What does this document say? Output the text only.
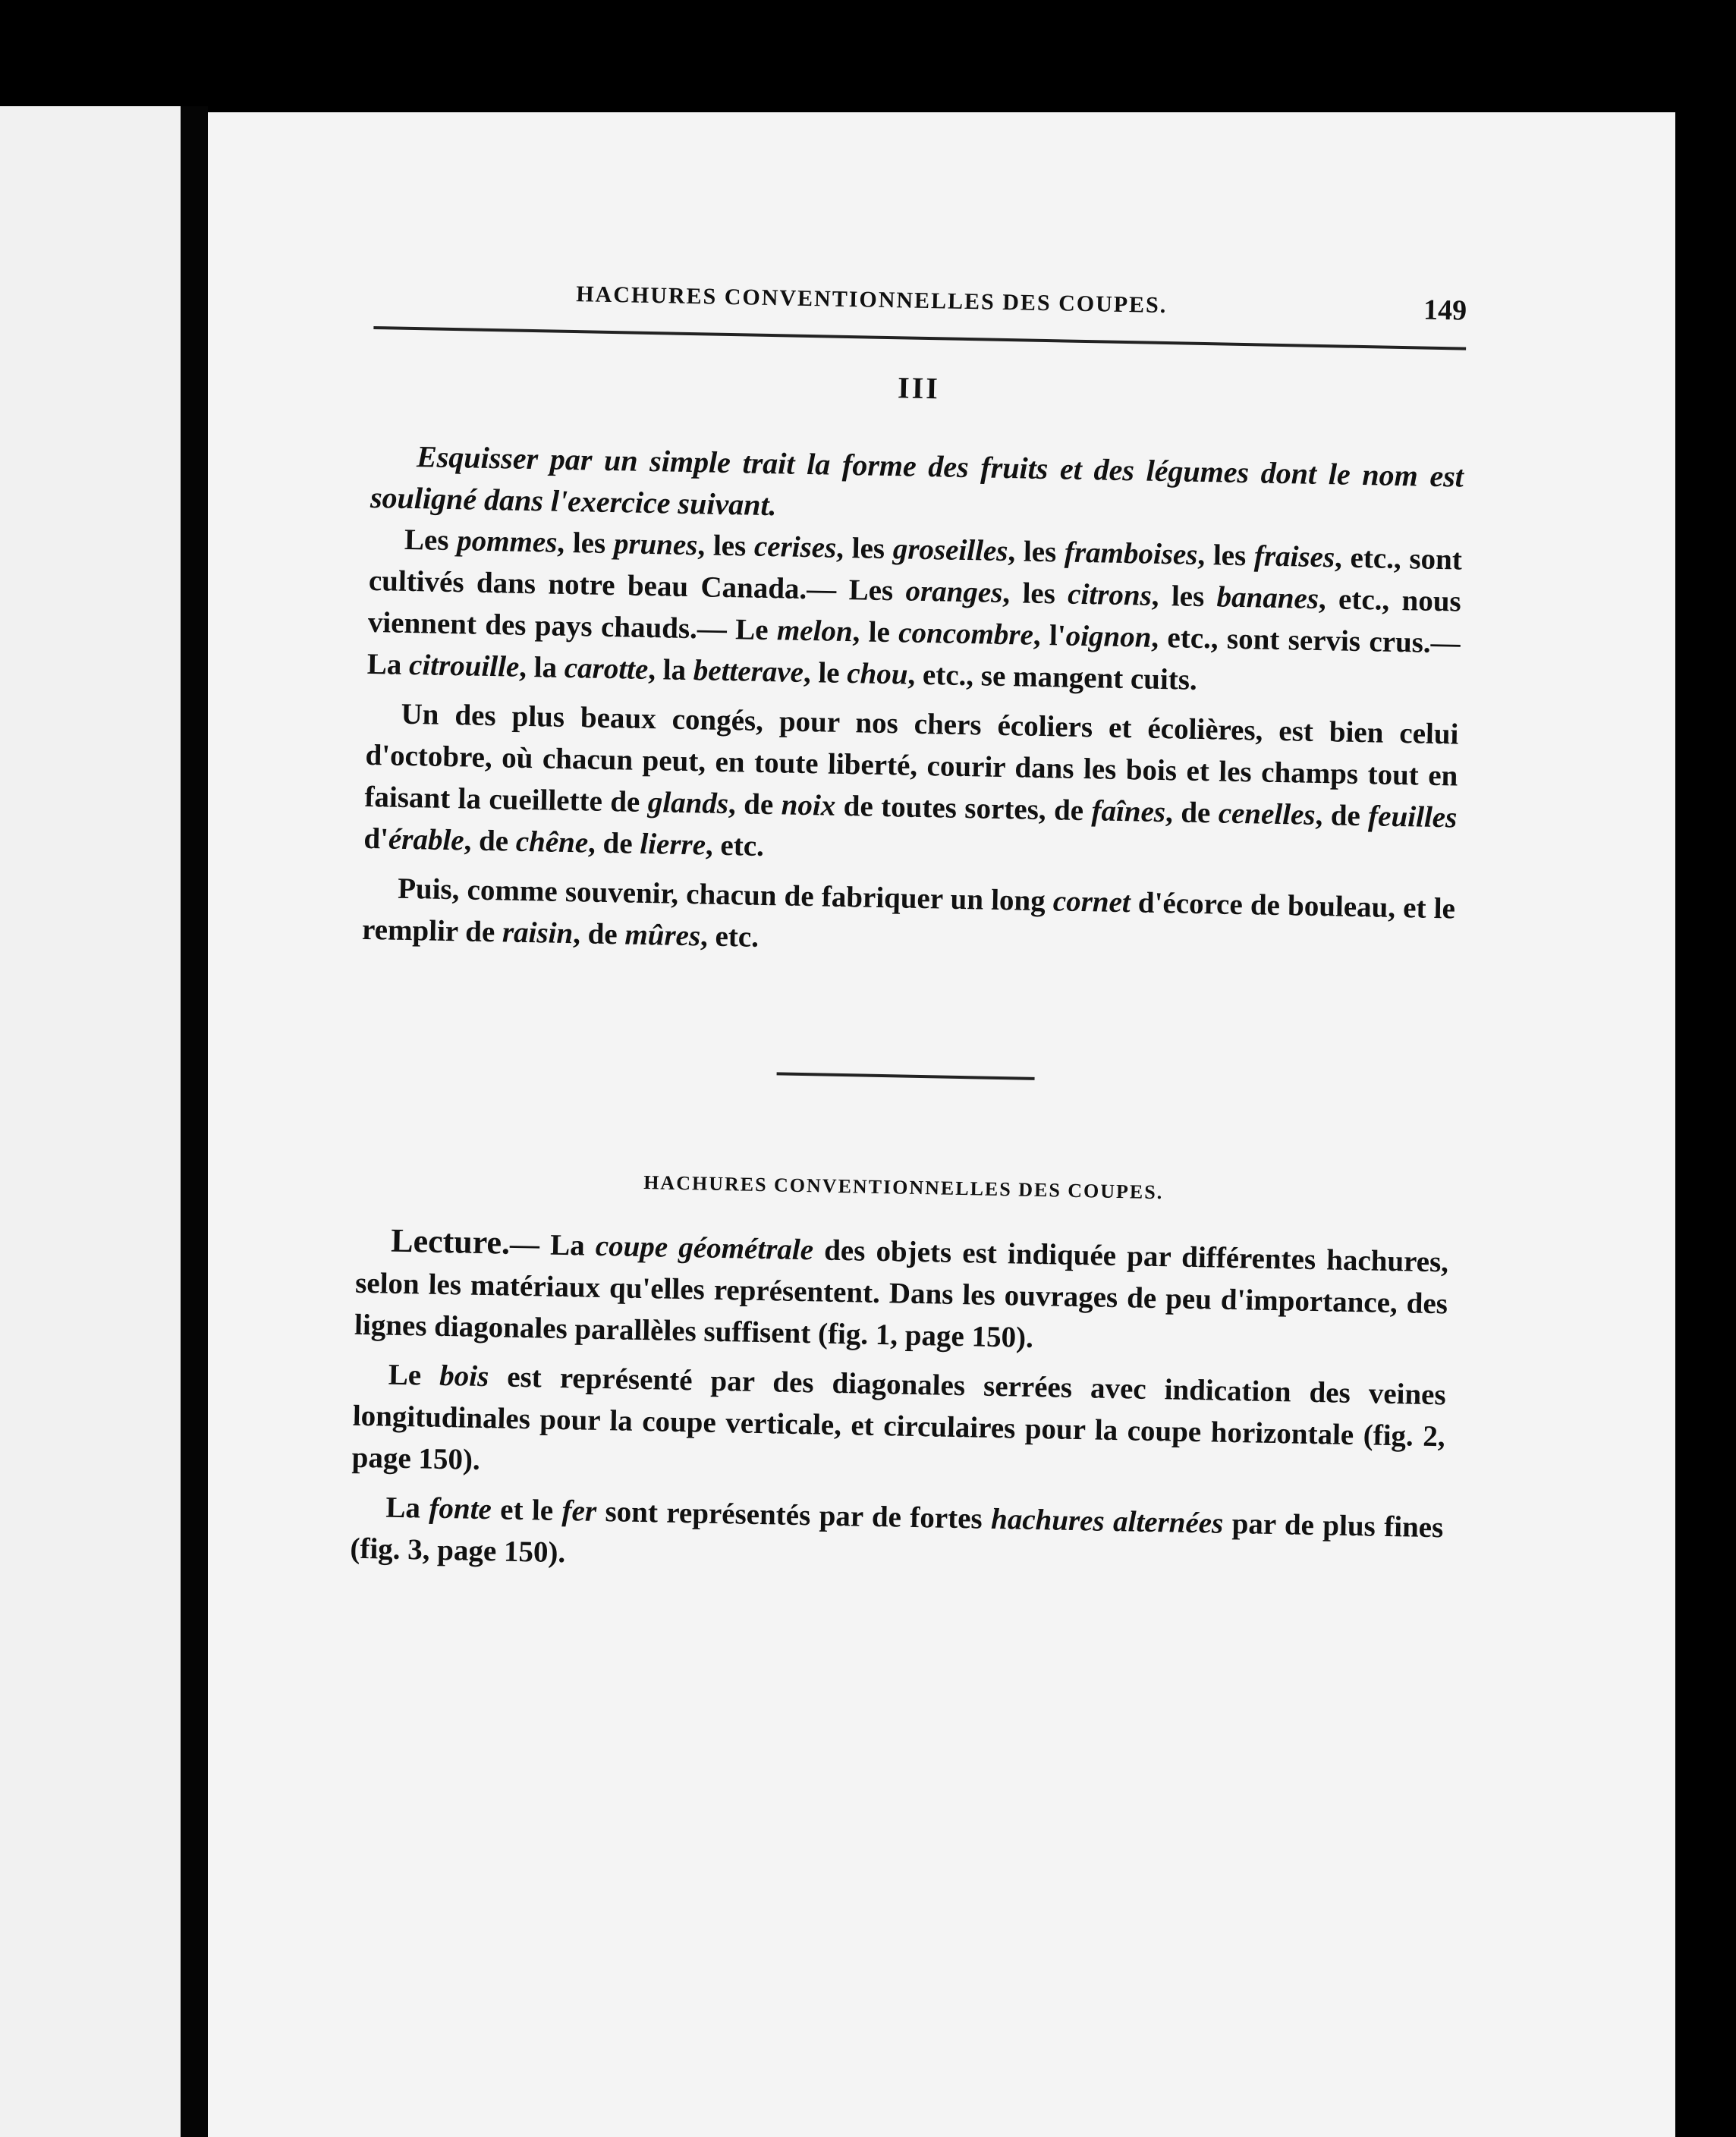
HACHURES CONVENTIONNELLES DES COUPES.	149
III
Esquisser par un simple trait la forme des fruits et des légumes dont le nom est souligné dans l'exercice suivant.

Les pommes, les prunes, les cerises, les groseilles, les framboises, les fraises, etc., sont cultivés dans notre beau Canada.— Les oranges, les citrons, les bananes, etc., nous viennent des pays chauds.— Le melon, le concombre, l'oignon, etc., sont servis crus.— La citrouille, la carotte, la betterave, le chou, etc., se mangent cuits.

Un des plus beaux congés, pour nos chers écoliers et écolières, est bien celui d'octobre, où chacun peut, en toute liberté, courir dans les bois et les champs tout en faisant la cueillette de glands, de noix de toutes sortes, de faînes, de cenelles, de feuilles d'érable, de chêne, de lierre, etc.

Puis, comme souvenir, chacun de fabriquer un long cornet d'écorce de bouleau, et le remplir de raisin, de mûres, etc.

HACHURES CONVENTIONNELLES DES COUPES.

Lecture.— La coupe géométrale des objets est indiquée par différentes hachures, selon les matériaux qu'elles représentent. Dans les ouvrages de peu d'importance, des lignes diagonales parallèles suffisent (fig. 1, page 150).

Le bois est représenté par des diagonales serrées avec indication des veines longitudinales pour la coupe verticale, et circulaires pour la coupe horizontale (fig. 2, page 150).

La fonte et le fer sont représentés par de fortes hachures alternées par de plus fines (fig. 3, page 150).
